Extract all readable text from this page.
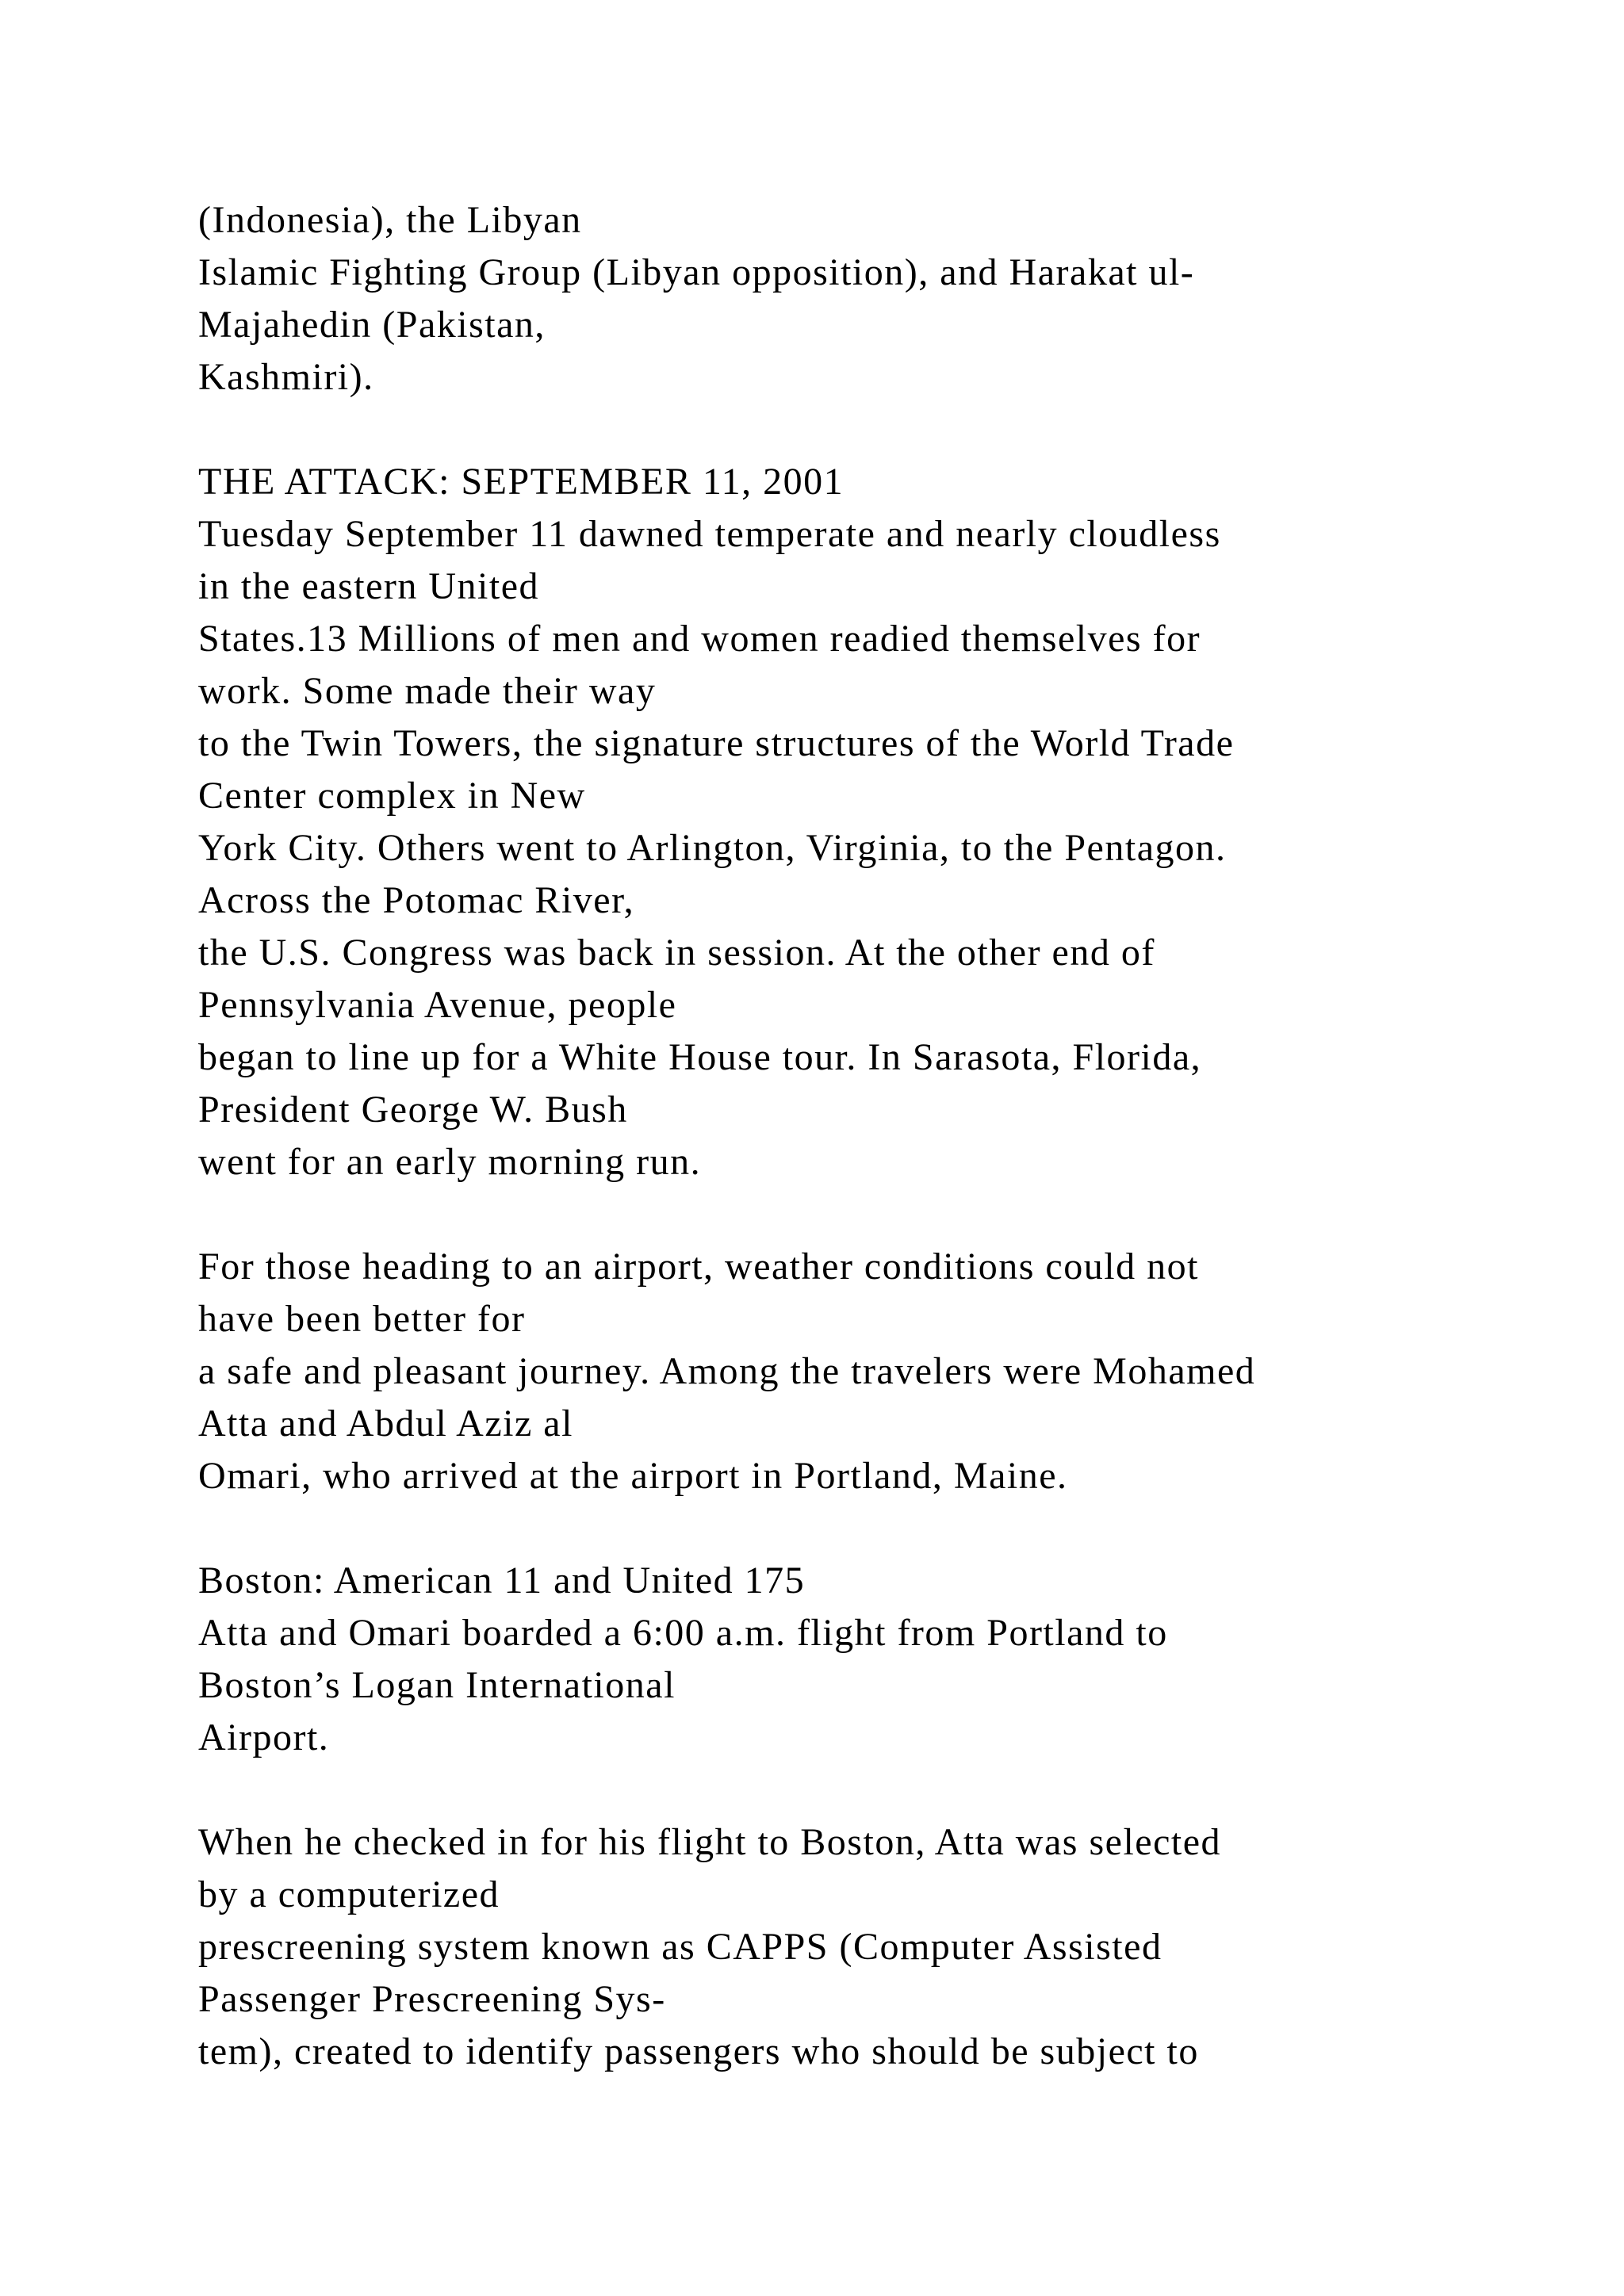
(Indonesia), the Libyan
Islamic Fighting Group (Libyan opposition), and Harakat ul-
Majahedin (Pakistan,
Kashmiri).
THE ATTACK: SEPTEMBER 11, 2001
Tuesday September 11 dawned temperate and nearly cloudless
in the eastern United
States.13 Millions of men and women readied themselves for
work. Some made their way
to the Twin Towers, the signature structures of the World Trade
Center complex in New
York City. Others went to Arlington, Virginia, to the Pentagon.
Across the Potomac River,
the U.S. Congress was back in session. At the other end of
Pennsylvania Avenue, people
began to line up for a White House tour. In Sarasota, Florida,
President George W. Bush
went for an early morning run.
For those heading to an airport, weather conditions could not
have been better for
a safe and pleasant journey. Among the travelers were Mohamed
Atta and Abdul Aziz al
Omari, who arrived at the airport in Portland, Maine.
Boston: American 11 and United 175
Atta and Omari boarded a 6:00 a.m. flight from Portland to
Boston’s Logan International
Airport.
When he checked in for his flight to Boston, Atta was selected
by a computerized
prescreening system known as CAPPS (Computer Assisted
Passenger Prescreening Sys-
tem), created to identify passengers who should be subject to
